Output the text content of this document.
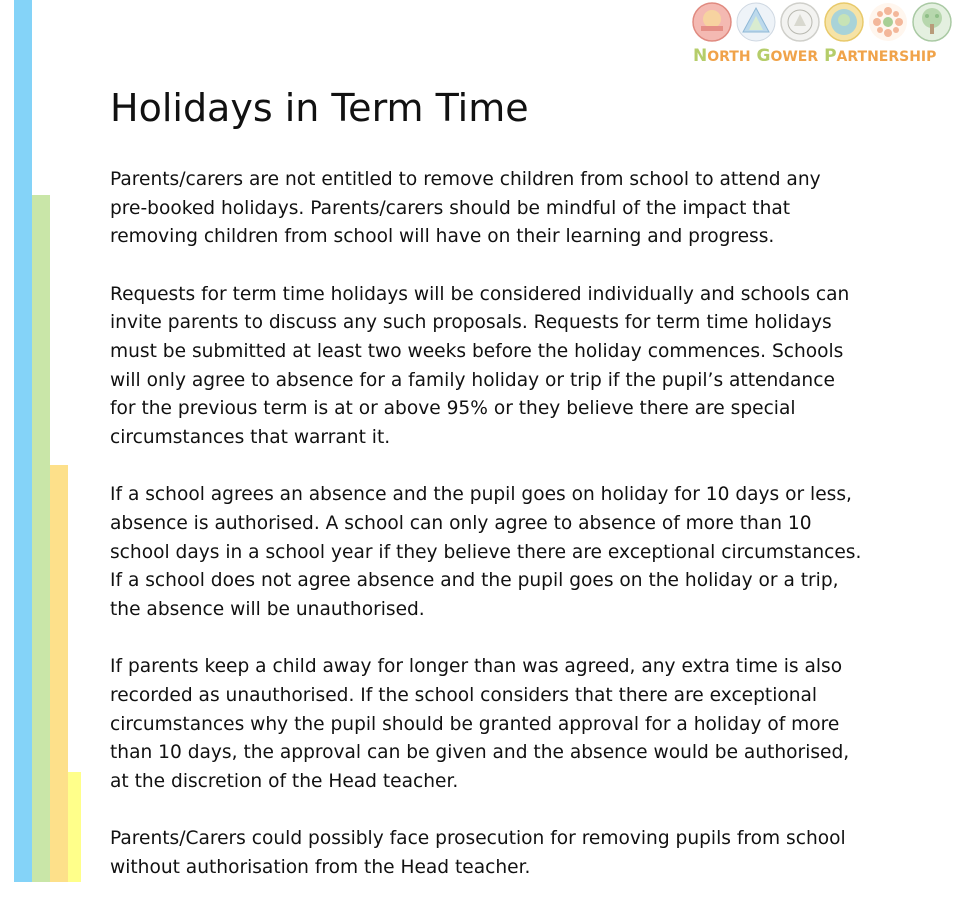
NORTH GOWER PARTNERSHIP
Holidays in Term Time

Parents/carers are not entitled to remove children from school to attend any
pre-booked holidays. Parents/carers should be mindful of the impact that
removing children from school will have on their learning and progress.

Requests for term time holidays will be considered individually and schools can
invite parents to discuss any such proposals. Requests for term time holidays
must be submitted at least two weeks before the holiday commences. Schools
will only agree to absence for a family holiday or trip if the pupil’s attendance
for the previous term is at or above 95% or they believe there are special
circumstances that warrant it.

If a school agrees an absence and the pupil goes on holiday for 10 days or less,
absence is authorised. A school can only agree to absence of more than 10
school days in a school year if they believe there are exceptional circumstances.
If a school does not agree absence and the pupil goes on the holiday or a trip,
the absence will be unauthorised.

If parents keep a child away for longer than was agreed, any extra time is also
recorded as unauthorised. If the school considers that there are exceptional
circumstances why the pupil should be granted approval for a holiday of more
than 10 days, the approval can be given and the absence would be authorised,
at the discretion of the Head teacher.

Parents/Carers could possibly face prosecution for removing pupils from school
without authorisation from the Head teacher.
